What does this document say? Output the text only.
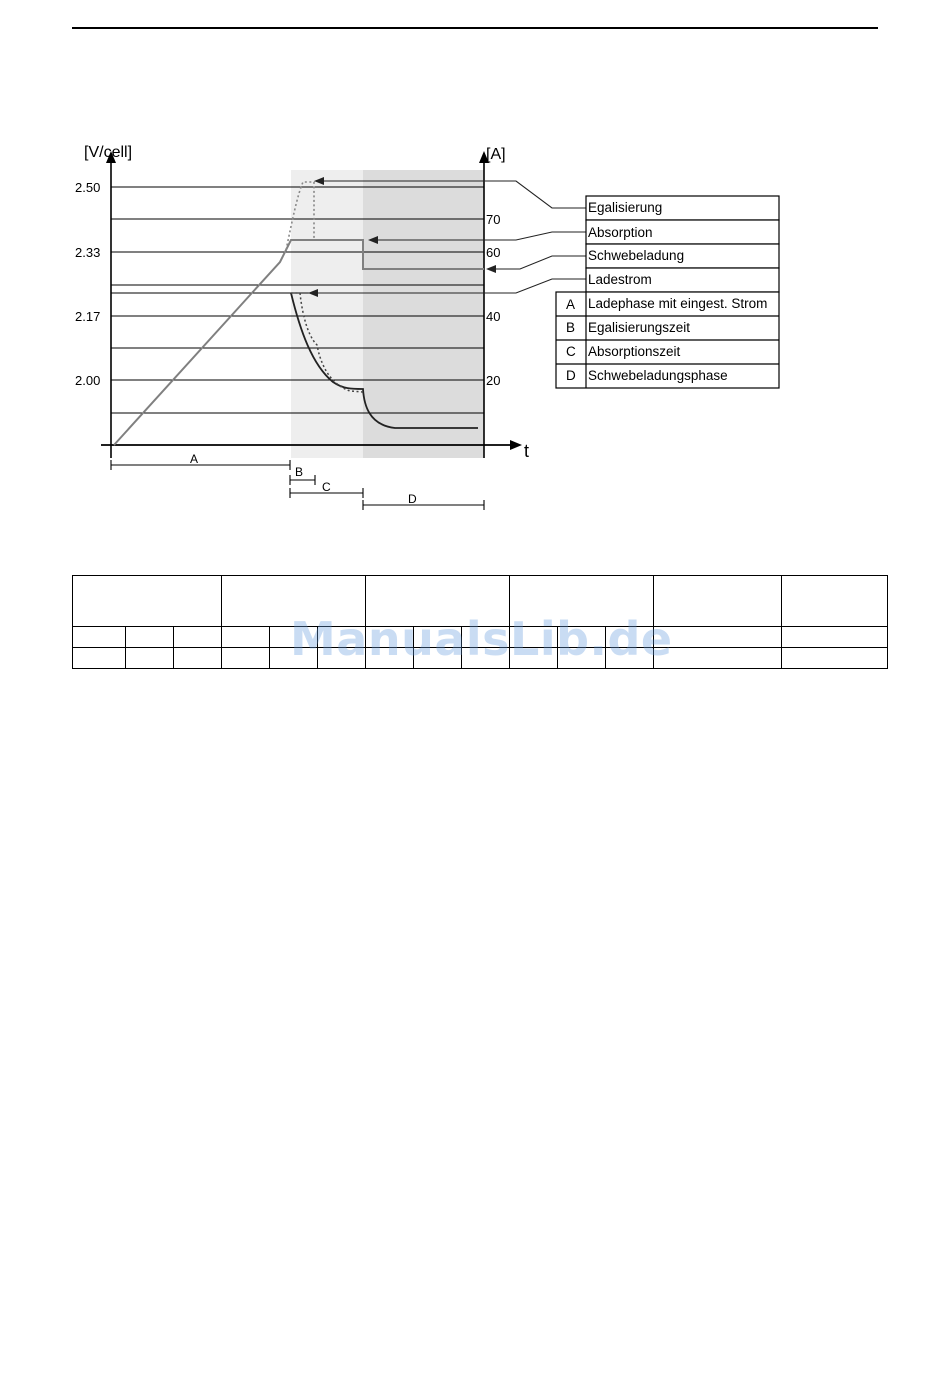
[V/cell]	[A]
t
2.50
2.33
2.17
2.00
70
60
40
20
Egalisierung
Absorption
Schwebeladung
Ladestrom
A Ladephase mit eingest. Strom
B Egalisierungszeit
C Absorptionszeit
D Schwebeladungsphase
A
B
C
D

ManualsLib.de
